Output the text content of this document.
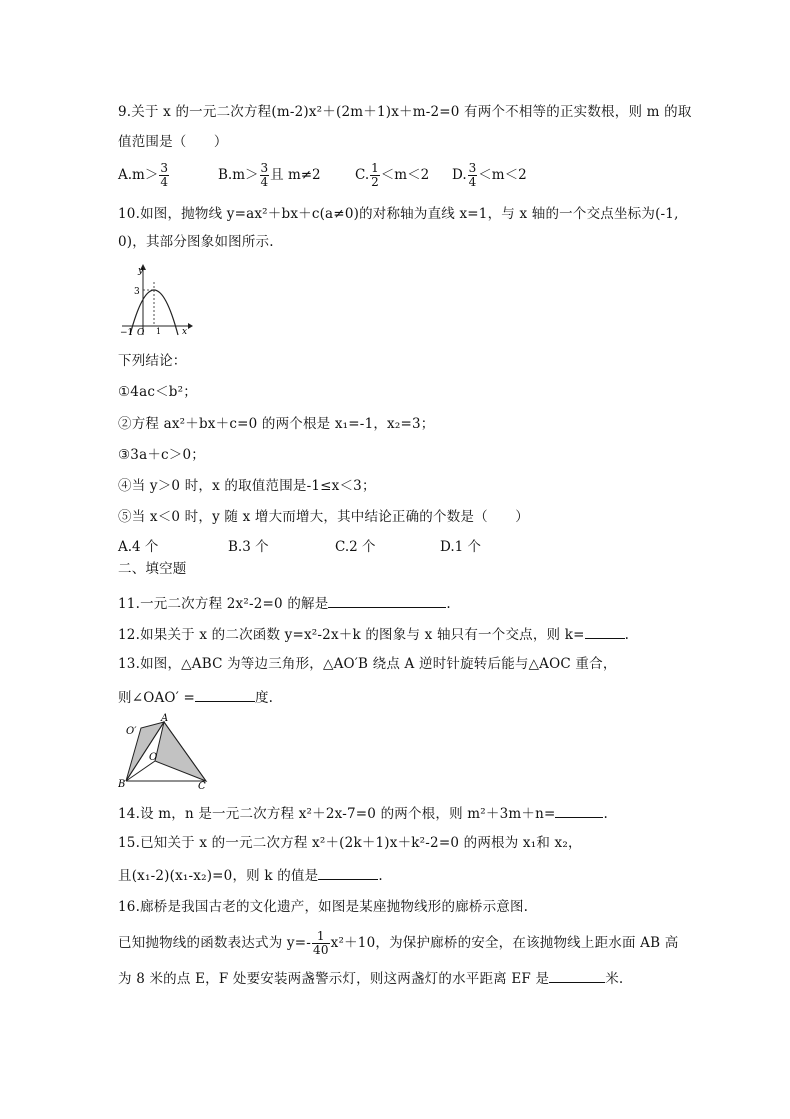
9.关于 x 的一元二次方程(m-2)x²＋(2m＋1)x＋m-2=0 有两个不相等的正实数根，则 m 的取
值范围是（　　）
$A.m> \frac{3}{4}$	$B.m> \frac{3}{4}$ 且 m≠2	C. $\frac{1}{2} <m<2$ D. $\frac{3}{4} <m<2$
10.如图，抛物线 y=ax²＋bx＋c(a≠0)的对称轴为直线 x=1，与 x 轴的一个交点坐标为(-1,
0)，其部分图象如图所示.
y
x
3
−1 O 1
下列结论：
①4ac＜b²；
②方程 ax²＋bx＋c=0 的两个根是 x₁=-1，x₂=3；
③3a＋c＞0；
④当 y＞0 时，x 的取值范围是-1≤x＜3；
⑤当 x＜0 时，y 随 x 增大而增大，其中结论正确的个数是（　　）
A.4 个	B.3 个	C.2 个	D.1 个
二、填空题
11.一元二次方程 2x²-2=0 的解是	.
12.如果关于 x 的二次函数 y=x²-2x＋k 的图象与 x 轴只有一个交点，则 k=	.
13.如图，△ABC 为等边三角形，△AO′B 绕点 A 逆时针旋转后能与△AOC 重合，
则∠OAO′ =	度.
A
B	C
O
O′
14.设 m，n 是一元二次方程 x²＋2x-7=0 的两个根，则 m²＋3m＋n=	.
15.已知关于 x 的一元二次方程 x²＋(2k＋1)x＋k²-2=0 的两根为 x₁和 x₂，
且(x₁-2)(x₁-x₂)=0，则 k 的值是	.
16.廊桥是我国古老的文化遗产，如图是某座抛物线形的廊桥示意图.
已知抛物线的函数表达式为 $y=- \frac{1}{40} x^2+10$，为保护廊桥的安全，在该抛物线上距水面 AB 高
为 8 米的点 E，F 处要安装两盏警示灯，则这两盏灯的水平距离 EF 是	米.
